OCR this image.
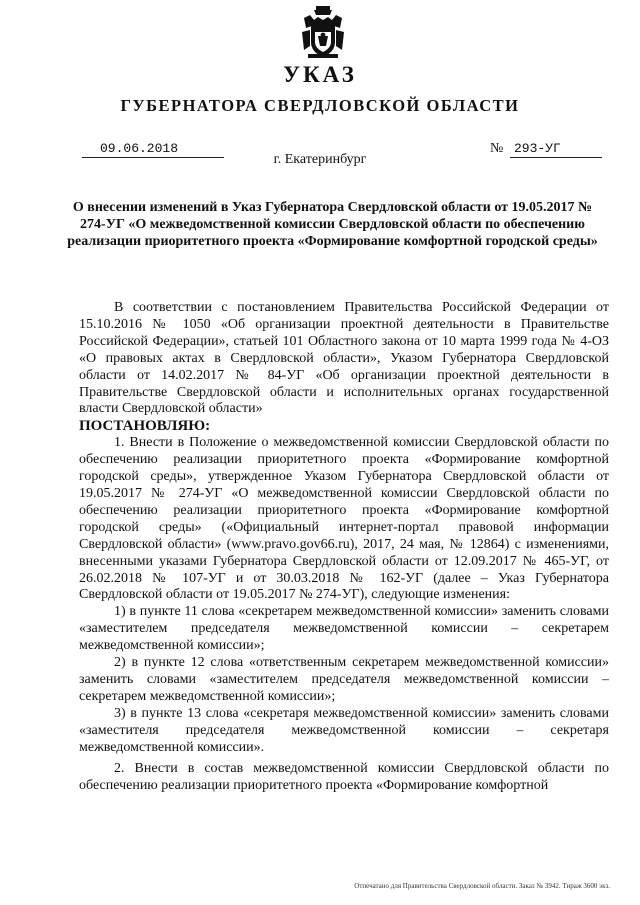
УКАЗ
ГУБЕРНАТОРА СВЕРДЛОВСКОЙ ОБЛАСТИ
09.06.2018	№ 293-УГ
г. Екатеринбург
О внесении изменений в Указ Губернатора Свердловской области от 19.05.2017 № 274-УГ «О межведомственной комиссии Свердловской области по обеспечению реализации приоритетного проекта «Формирование комфортной городской среды»

В соответствии с постановлением Правительства Российской Федерации от 15.10.2016 № 1050 «Об организации проектной деятельности в Правительстве Российской Федерации», статьей 101 Областного закона от 10 марта 1999 года № 4-ОЗ «О правовых актах в Свердловской области», Указом Губернатора Свердловской области от 14.02.2017 № 84-УГ «Об организации проектной деятельности в Правительстве Свердловской области и исполнительных органах государственной власти Свердловской области»

ПОСТАНОВЛЯЮ:

1. Внести в Положение о межведомственной комиссии Свердловской области по обеспечению реализации приоритетного проекта «Формирование комфортной городской среды», утвержденное Указом Губернатора Свердловской области от 19.05.2017 № 274-УГ «О межведомственной комиссии Свердловской области по обеспечению реализации приоритетного проекта «Формирование комфортной городской среды» («Официальный интернет-портал правовой информации Свердловской области» (www.pravo.gov66.ru), 2017, 24 мая, № 12864) с изменениями, внесенными указами Губернатора Свердловской области от 12.09.2017 № 465-УГ, от 26.02.2018 № 107-УГ и от 30.03.2018 № 162-УГ (далее – Указ Губернатора Свердловской области от 19.05.2017 № 274-УГ), следующие изменения:

1) в пункте 11 слова «секретарем межведомственной комиссии» заменить словами «заместителем председателя межведомственной комиссии – секретарем межведомственной комиссии»;

2) в пункте 12 слова «ответственным секретарем межведомственной комиссии» заменить словами «заместителем председателя межведомственной комиссии – секретарем межведомственной комиссии»;

3) в пункте 13 слова «секретаря межведомственной комиссии» заменить словами «заместителя председателя межведомственной комиссии – секретаря межведомственной комиссии».

2. Внести в состав межведомственной комиссии Свердловской области по обеспечению реализации приоритетного проекта «Формирование комфортной

Отпечатано для Правительства Свердловской области. Заказ № 3942. Тираж 3600 экз.
